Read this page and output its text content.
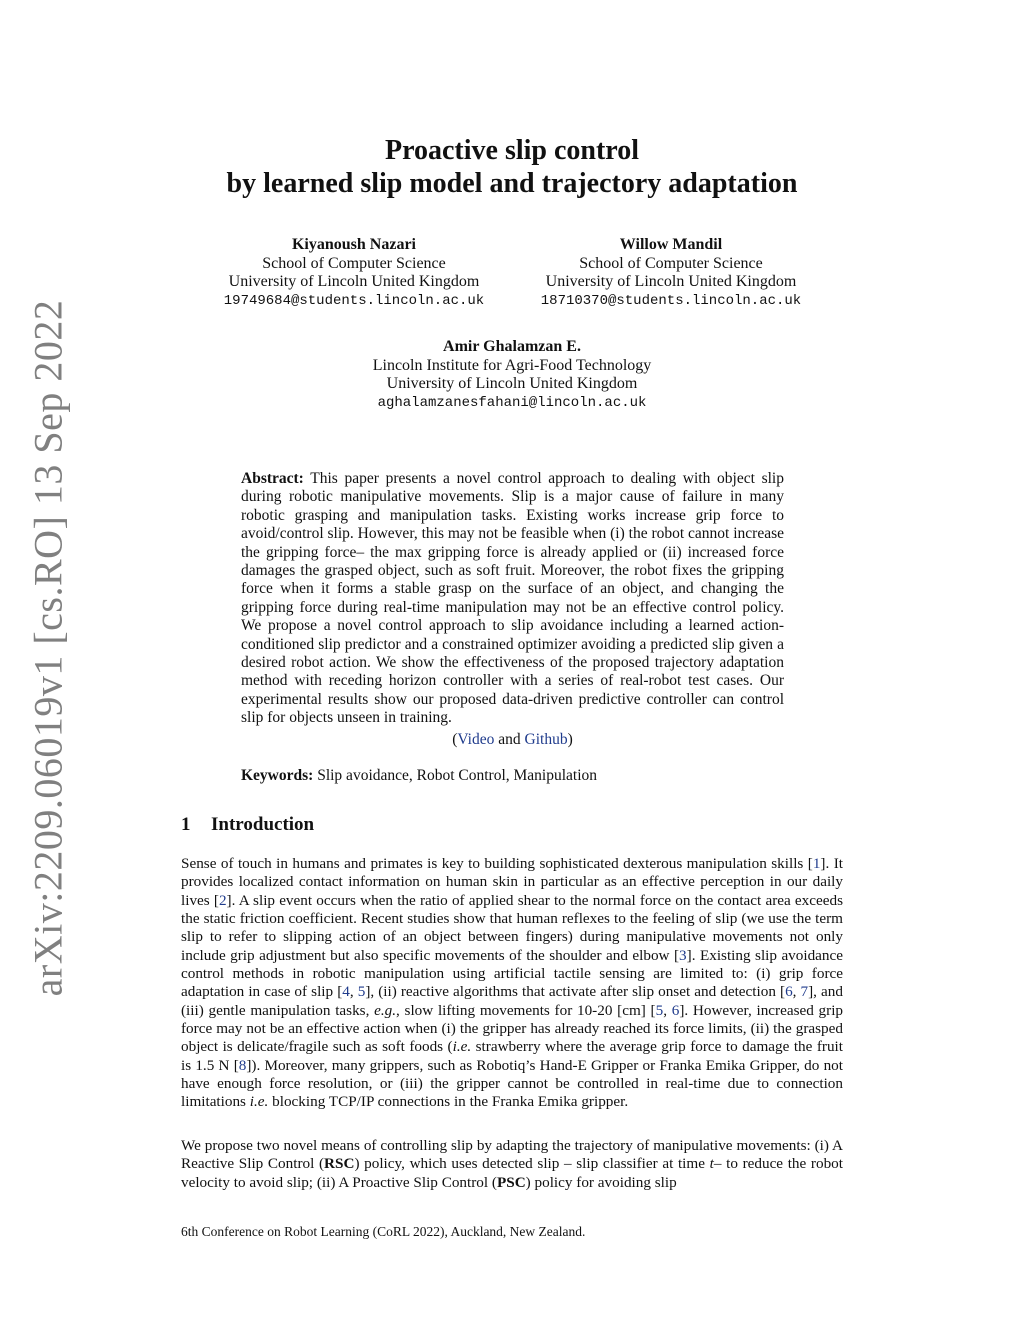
arXiv:2209.06019v1 [cs.RO] 13 Sep 2022
Proactive slip control
by learned slip model and trajectory adaptation
Kiyanoush Nazari
School of Computer Science
University of Lincoln United Kingdom
19749684@students.lincoln.ac.uk
Willow Mandil
School of Computer Science
University of Lincoln United Kingdom
18710370@students.lincoln.ac.uk
Amir Ghalamzan E.
Lincoln Institute for Agri-Food Technology
University of Lincoln United Kingdom
aghalamzanesfahani@lincoln.ac.uk
Abstract: This paper presents a novel control approach to dealing with object slip during robotic manipulative movements. Slip is a major cause of failure in many robotic grasping and manipulation tasks. Existing works increase grip force to avoid/control slip. However, this may not be feasible when (i) the robot cannot increase the gripping force– the max gripping force is already applied or (ii) increased force damages the grasped object, such as soft fruit. Moreover, the robot fixes the gripping force when it forms a stable grasp on the surface of an object, and changing the gripping force during real-time manipulation may not be an effective control policy. We propose a novel control approach to slip avoidance including a learned action-conditioned slip predictor and a constrained optimizer avoiding a predicted slip given a desired robot action. We show the effectiveness of the proposed trajectory adaptation method with receding horizon controller with a series of real-robot test cases. Our experimental results show our proposed data-driven predictive controller can control slip for objects unseen in training.
(Video and Github)
Keywords: Slip avoidance, Robot Control, Manipulation
1 Introduction
Sense of touch in humans and primates is key to building sophisticated dexterous manipulation skills [1]. It provides localized contact information on human skin in particular as an effective perception in our daily lives [2]. A slip event occurs when the ratio of applied shear to the normal force on the contact area exceeds the static friction coefficient. Recent studies show that human reflexes to the feeling of slip (we use the term slip to refer to slipping action of an object between fingers) during manipulative movements not only include grip adjustment but also specific movements of the shoulder and elbow [3]. Existing slip avoidance control methods in robotic manipulation using artificial tactile sensing are limited to: (i) grip force adaptation in case of slip [4, 5], (ii) reactive algorithms that activate after slip onset and detection [6, 7], and (iii) gentle manipulation tasks, e.g., slow lifting movements for 10-20 [cm] [5, 6]. However, increased grip force may not be an effective action when (i) the gripper has already reached its force limits, (ii) the grasped object is delicate/fragile such as soft foods (i.e. strawberry where the average grip force to damage the fruit is 1.5 N [8]). Moreover, many grippers, such as Robotiq’s Hand-E Gripper or Franka Emika Gripper, do not have enough force resolution, or (iii) the gripper cannot be controlled in real-time due to connection limitations i.e. blocking TCP/IP connections in the Franka Emika gripper.
We propose two novel means of controlling slip by adapting the trajectory of manipulative movements: (i) A Reactive Slip Control (RSC) policy, which uses detected slip – slip classifier at time t– to reduce the robot velocity to avoid slip; (ii) A Proactive Slip Control (PSC) policy for avoiding slip
6th Conference on Robot Learning (CoRL 2022), Auckland, New Zealand.
